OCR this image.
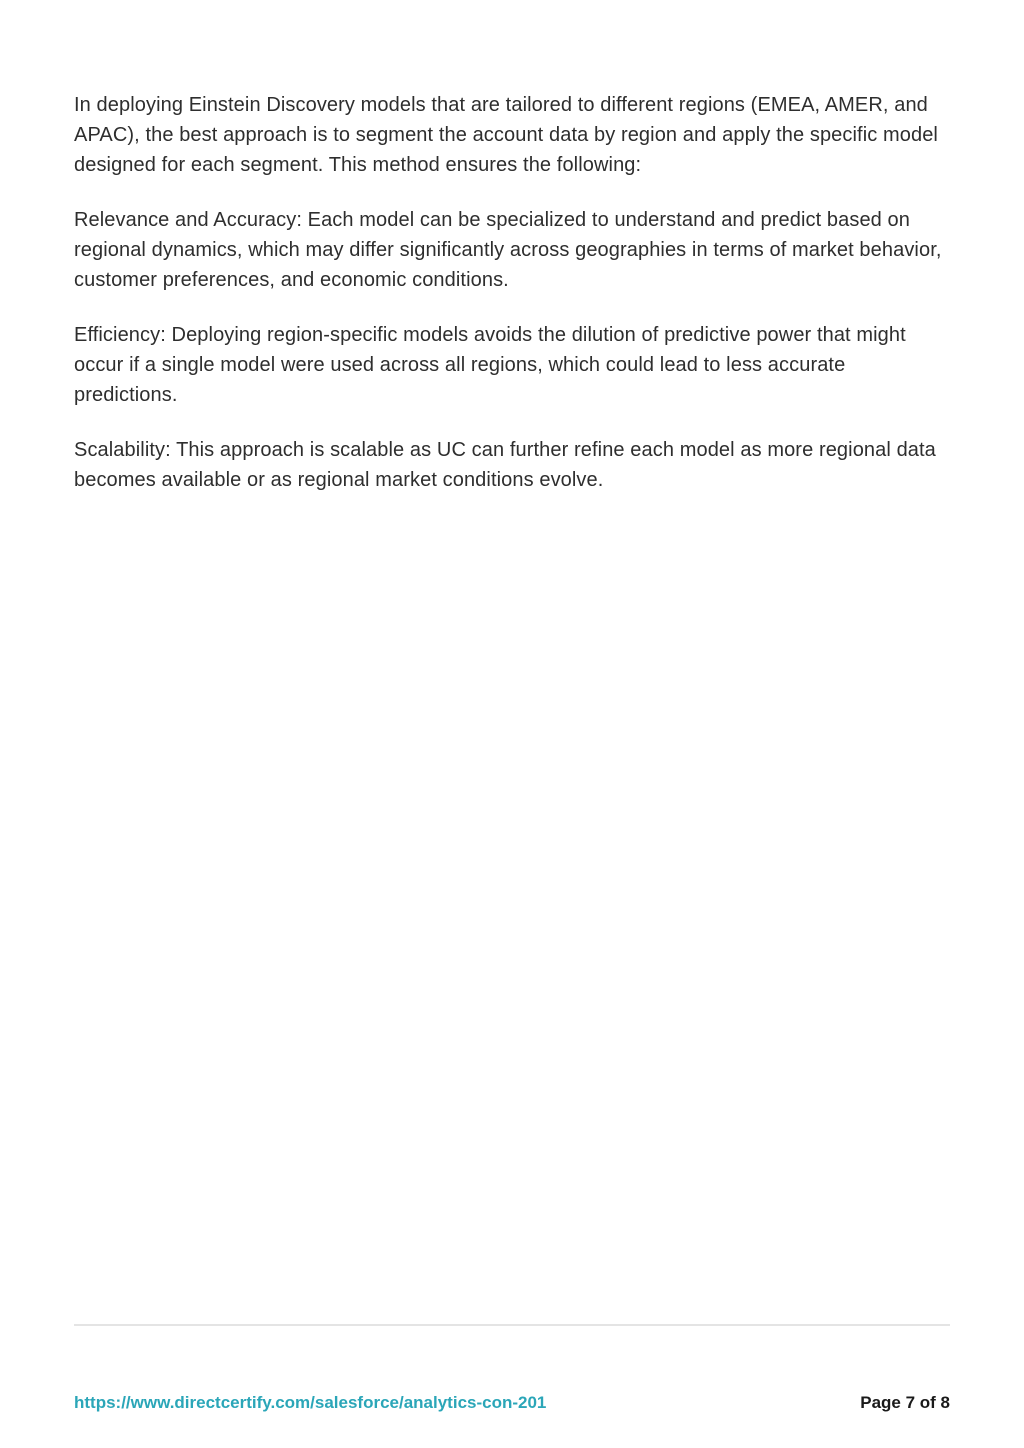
In deploying Einstein Discovery models that are tailored to different regions (EMEA, AMER, and APAC), the best approach is to segment the account data by region and apply the specific model designed for each segment. This method ensures the following:

Relevance and Accuracy: Each model can be specialized to understand and predict based on regional dynamics, which may differ significantly across geographies in terms of market behavior, customer preferences, and economic conditions.

Efficiency: Deploying region-specific models avoids the dilution of predictive power that might occur if a single model were used across all regions, which could lead to less accurate predictions.

Scalability: This approach is scalable as UC can further refine each model as more regional data becomes available or as regional market conditions evolve.

https://www.directcertify.com/salesforce/analytics-con-201	Page 7 of 8
